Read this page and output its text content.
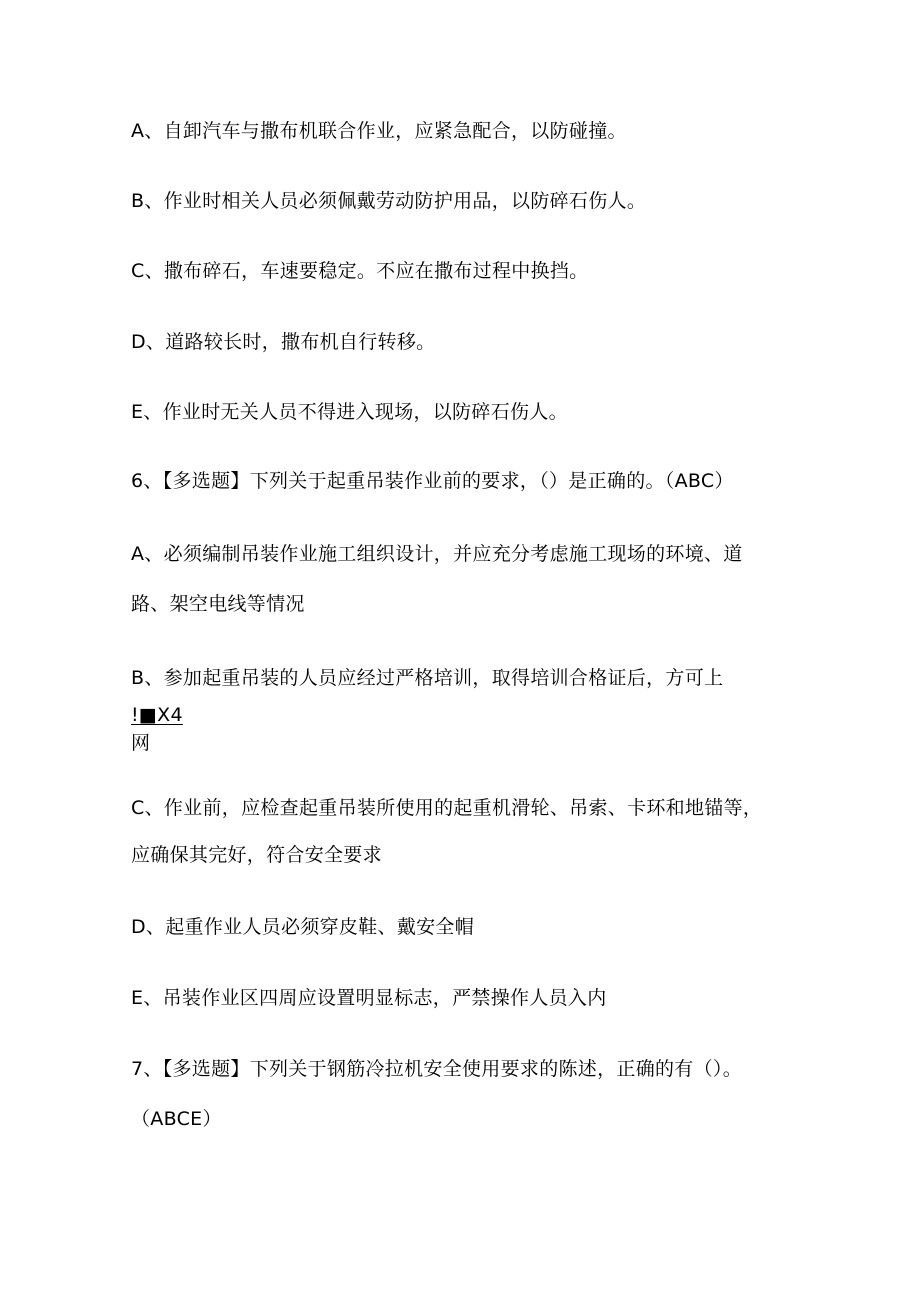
A、自卸汽车与撒布机联合作业，应紧急配合，以防碰撞。
B、作业时相关人员必须佩戴劳动防护用品，以防碎石伤人。
C、撒布碎石，车速要稳定。不应在撒布过程中换挡。
D、道路较长时，撒布机自行转移。
E、作业时无关人员不得进入现场，以防碎石伤人。
6、【多选题】下列关于起重吊装作业前的要求，（）是正确的。（ABC）
A、必须编制吊装作业施工组织设计，并应充分考虑施工现场的环境、道
路、架空电线等情况
B、参加起重吊装的人员应经过严格培训，取得培训合格证后，方可上
!■X4
网
C、作业前，应检查起重吊装所使用的起重机滑轮、吊索、卡环和地锚等，
应确保其完好，符合安全要求
D、起重作业人员必须穿皮鞋、戴安全帽
E、吊装作业区四周应设置明显标志，严禁操作人员入内
7、【多选题】下列关于钢筋冷拉机安全使用要求的陈述，正确的有（）。
（ABCE）
